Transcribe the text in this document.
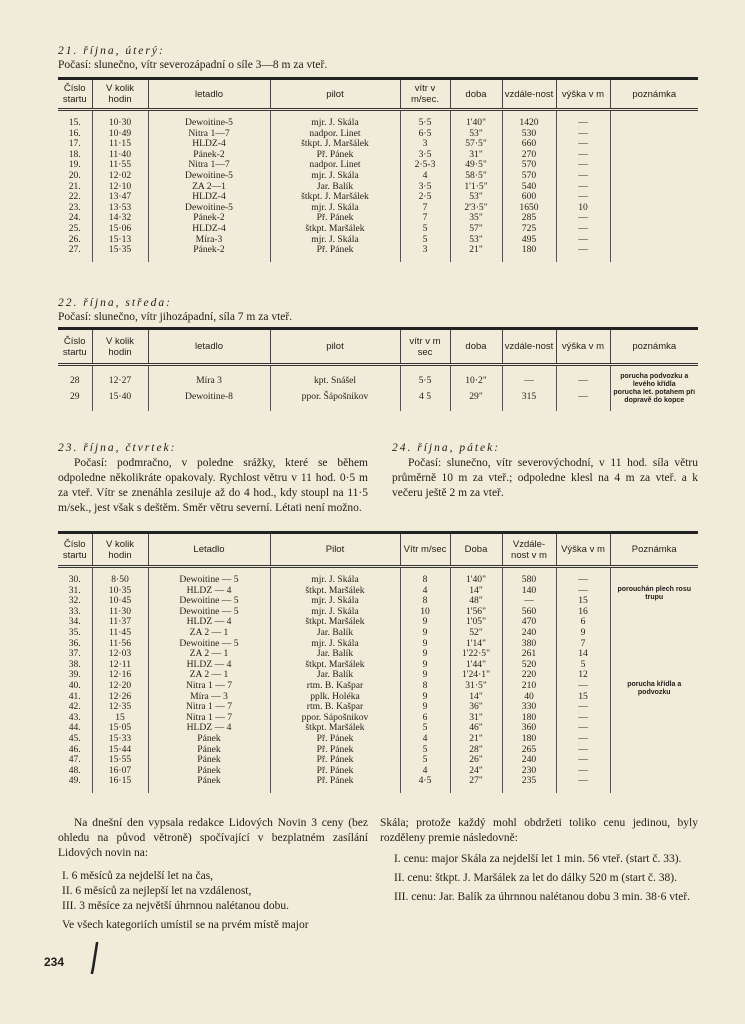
21. října, úterý:
Počasí: slunečno, vítr severozápadní o síle 3—8 m za vteř.
Číslo startu	V kolik hodin	letadlo	pilot	vítr v m/sec.	doba	vzdále-nost	výška v m	poznámka
15.	10·30	Dewoitine-5	mjr. J. Skála	5·5	1'40"	1420	—	
16.	10·49	Nitra 1—7	nadpor. Linet	6·5	53"	530	—	
17.	11·15	HLDZ-4	štkpt. J. Maršálek	3	57·5"	660	—	
18.	11·40	Pánek-2	Př. Pánek	3·5	31"	270	—	
19.	11·55	Nitra 1—7	nadpor. Linet	2·5-3	49·5"	570	—	
20.	12·02	Dewoitine-5	mjr. J. Skála	4	58·5"	570	—	
21.	12·10	ZA 2—1	Jar. Balík	3·5	1'1·5"	540	—	
22.	13·47	HLDZ-4	štkpt. J. Maršálek	2·5	53"	600	—	
23.	13·53	Dewoitine-5	mjr. J. Skála	7	2'3·5"	1650	10	
24.	14·32	Pánek-2	Př. Pánek	7	35"	285	—	
25.	15·06	HLDZ-4	štkpt. Maršálek	5	57"	725	—	
26.	15·13	Míra-3	mjr. J. Skála	5	53"	495	—	
27.	15·35	Pánek-2	Př. Pánek	3	21"	180	—	
22. října, středa:
Počasí: slunečno, vítr jihozápadní, síla 7 m za vteř.
Číslo startu	V kolik hodin	letadlo	pilot	vítr v m sec	doba	vzdále-nost	výška v m	poznámka
28	12·27	Míra 3	kpt. Snášel	5·5	10·2"	—	—	porucha podvozku a levého křídla
29	15·40	Dewoitine-8	ppor. Šápošnikov	4 5	29"	315	—	porucha let. potahem při dopravě do kopce

23. října, čtvrtek:

Počasí: podmračno, v poledne srážky, které se během odpoledne několikráte opakovaly. Rychlost větru v 11 hod. 0·5 m za vteř. Vítr se znenáhla zesiluje až do 4 hod., kdy stoupl na 11·5 m/sek., jest však s deštěm. Směr větru severní. Létati není možno.

24. října, pátek:

Počasí: slunečno, vítr severovýchodní, v 11 hod. síla větru průměrně 10 m za vteř.; odpoledne klesl na 4 m za vteř. a k večeru ještě 2 m za vteř.

Číslo startu	V kolik hodin	Letadlo	Pilot	Vítr m/sec	Doba	Vzdále-nost v m	Výška v m	Poznámka
30.	8·50	Dewoitine — 5	mjr. J. Skála	8	1'40"	580	—	
31.	10·35	HLDZ — 4	štkpt. Maršálek	4	14"	140	—	porouchán plech rosu trupu

32.	10·45	Dewoitine — 5	mjr. J. Skála	8	48"	—	15	
33.	11·30	Dewoitine — 5	mjr. J. Skála	10	1'56"	560	16	
34.	11·37	HLDZ — 4	štkpt. Maršálek	9	1'05"	470	6	
35.	11·45	ZA 2 — 1	Jar. Balík	9	52"	240	9	
36.	11·56	Dewoitine — 5	mjr. J. Skála	9	1'14"	380	7	
37.	12·03	ZA 2 — 1	Jar. Balík	9	1'22·5"	261	14	
38.	12·11	HLDZ — 4	štkpt. Maršálek	9	1'44"	520	5	
39.	12·16	ZA 2 — 1	Jar. Balík	9	1'24·1"	220	12	
40.	12·20	Nitra 1 — 7	rtm. B. Kašpar	8	31·5"	210	—	porucha křídla a podvozku

41.	12·26	Míra — 3	pplk. Holéka	9	14"	40	15	
42.	12·35	Nitra 1 — 7	rtm. B. Kašpar	9	36"	330	—	
43.	15	Nitra 1 — 7	ppor. Šápošnikov	6	31"	180	—	
44.	15·05	HLDZ — 4	štkpt. Maršálek	5	46"	360	—	
45.	15·33	Pánek	Př. Pánek	4	21"	180	—	
46.	15·44	Pánek	Př. Pánek	5	28"	265	—	
47.	15·55	Pánek	Př. Pánek	5	26"	240	—	
48.	16·07	Pánek	Př. Pánek	4	24"	230	—	
49.	16·15	Pánek	Př. Pánek	4·5	27"	235	—	

Na dnešní den vypsala redakce Lidových Novin 3 ceny (bez ohledu na původ větroně) spočívající v bezplatném zasílání Lidových novin na:

I. 6 měsíců za nejdelší let na čas,

II. 6 měsíců za nejlepší let na vzdálenost,

III. 3 měsíce za největší úhrnnou nalétanou dobu.

Ve všech kategoriích umístil se na prvém místě major

Skála; protože každý mohl obdržeti toliko cenu jedinou, byly rozděleny premie následovně:

I. cenu: major Skála za nejdelší let 1 min. 56 vteř. (start č. 33).

II. cenu: štkpt. J. Maršálek za let do dálky 520 m (start č. 38).

III. cenu: Jar. Balík za úhrnnou nalétanou dobu 3 min. 38·6 vteř.

234
